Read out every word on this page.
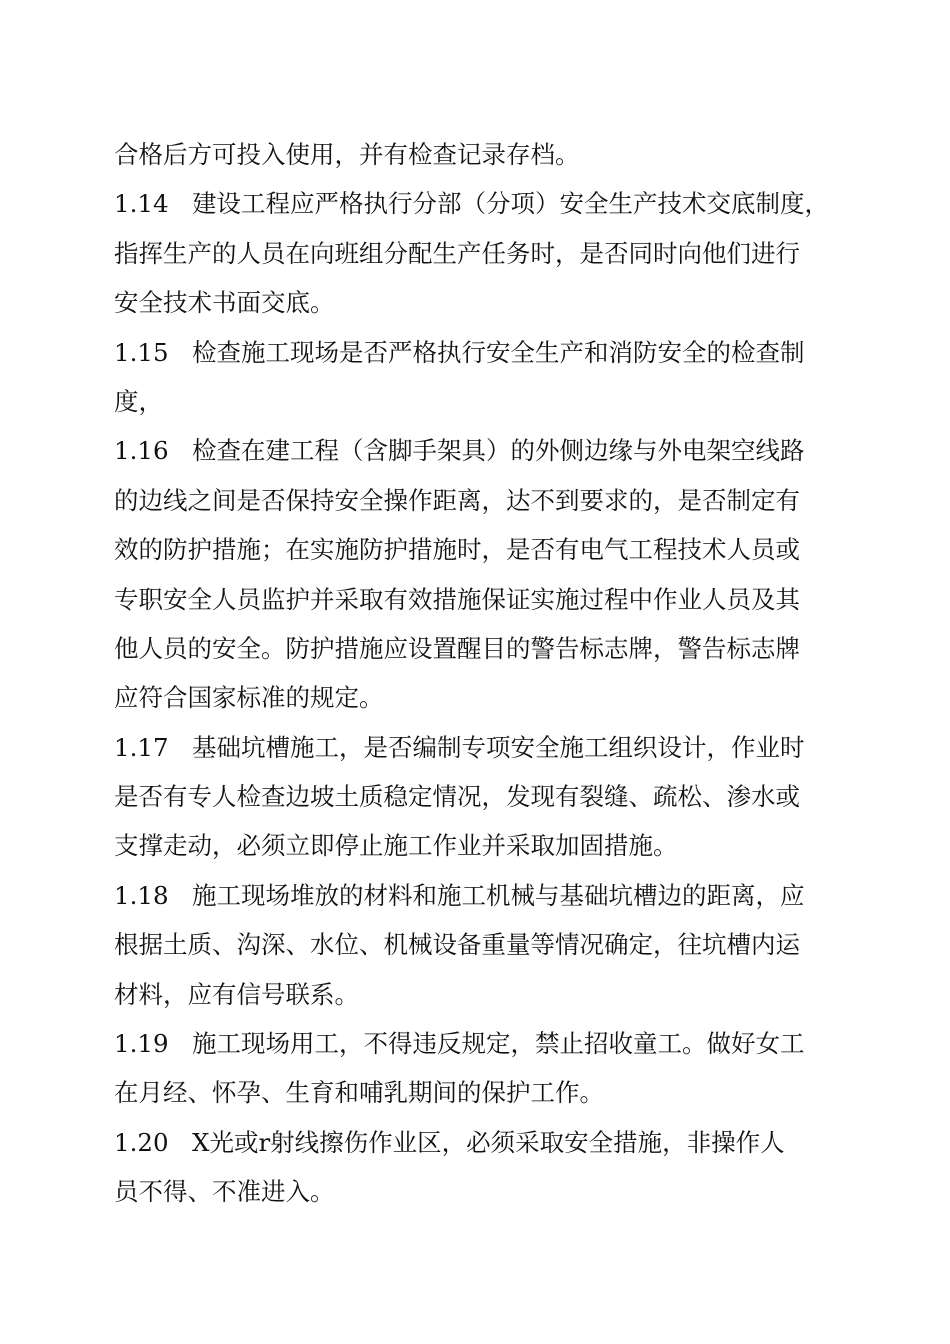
合格后方可投入使用，并有检查记录存档。
1.14 建设工程应严格执行分部（分项）安全生产技术交底制度，
指挥生产的人员在向班组分配生产任务时，是否同时向他们进行
安全技术书面交底。
1.15 检查施工现场是否严格执行安全生产和消防安全的检查制
度，
1.16 检查在建工程（含脚手架具）的外侧边缘与外电架空线路
的边线之间是否保持安全操作距离，达不到要求的，是否制定有
效的防护措施；在实施防护措施时，是否有电气工程技术人员或
专职安全人员监护并采取有效措施保证实施过程中作业人员及其
他人员的安全。防护措施应设置醒目的警告标志牌，警告标志牌
应符合国家标准的规定。
1.17 基础坑槽施工，是否编制专项安全施工组织设计，作业时
是否有专人检查边坡土质稳定情况，发现有裂缝、疏松、渗水或
支撑走动，必须立即停止施工作业并采取加固措施。
1.18 施工现场堆放的材料和施工机械与基础坑槽边的距离，应
根据土质、沟深、水位、机械设备重量等情况确定，往坑槽内运
材料，应有信号联系。
1.19 施工现场用工，不得违反规定，禁止招收童工。做好女工
在月经、怀孕、生育和哺乳期间的保护工作。
1.20 X光或r射线擦伤作业区，必须采取安全措施，非操作人
员不得、不准进入。
